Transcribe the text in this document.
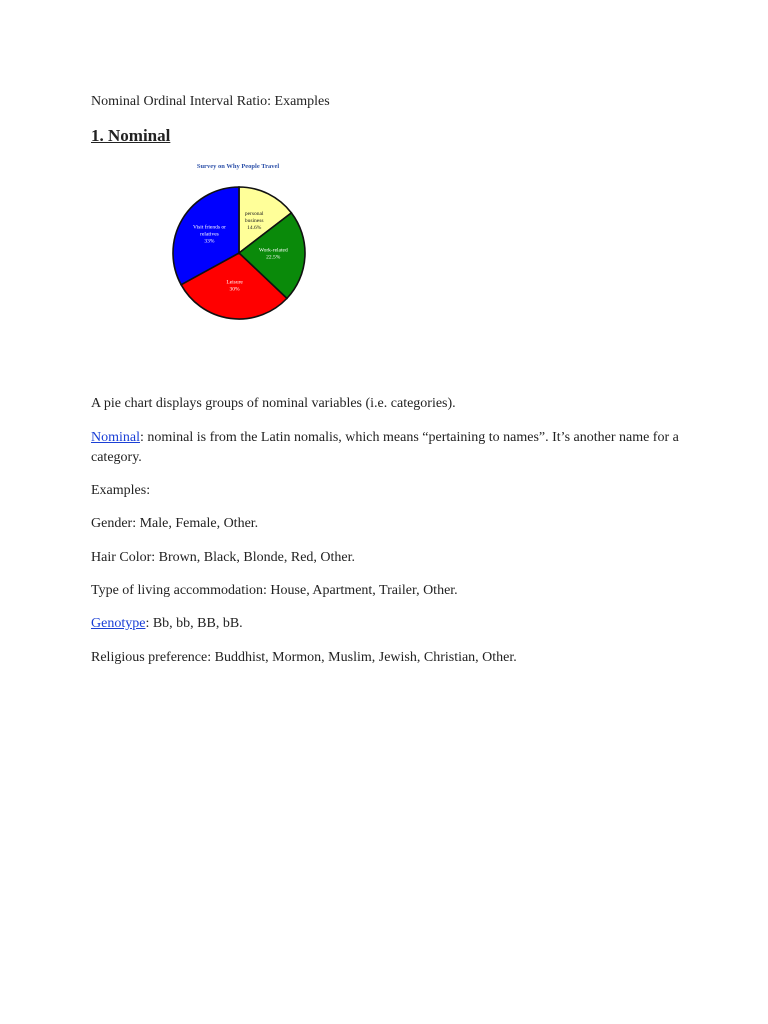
Nominal Ordinal Interval Ratio: Examples

1. Nominal
Survey on Why People Travel
personal business 14.6%
Work-related 22.5%
Leisure 30%
Visit friends or relatives 33%

A pie chart displays groups of nominal variables (i.e. categories).

Nominal: nominal is from the Latin nomalis, which means “pertaining to names”. It’s another name for a category.

Examples:

Gender: Male, Female, Other.

Hair Color: Brown, Black, Blonde, Red, Other.

Type of living accommodation: House, Apartment, Trailer, Other.

Genotype: Bb, bb, BB, bB.

Religious preference: Buddhist, Mormon, Muslim, Jewish, Christian, Other.
